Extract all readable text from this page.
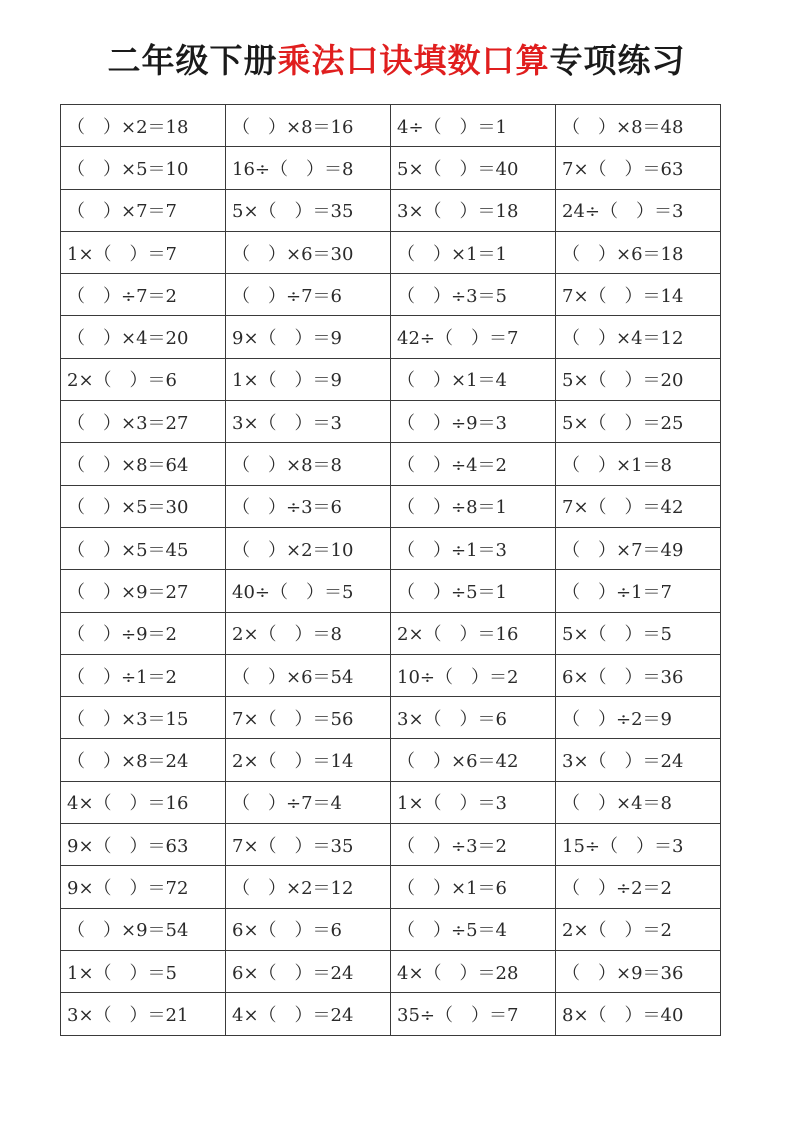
二年级下册乘法口诀填数口算专项练习
（　）×2＝18	（　）×8＝16	4÷（　）＝1	（　）×8＝48
（　）×5＝10	16÷（　）＝8	5×（　）＝40	7×（　）＝63
（　）×7＝7	5×（　）＝35	3×（　）＝18	24÷（　）＝3
1×（　）＝7	（　）×6＝30	（　）×1＝1	（　）×6＝18
（　）÷7＝2	（　）÷7＝6	（　）÷3＝5	7×（　）＝14
（　）×4＝20	9×（　）＝9	42÷（　）＝7	（　）×4＝12
2×（　）＝6	1×（　）＝9	（　）×1＝4	5×（　）＝20
（　）×3＝27	3×（　）＝3	（　）÷9＝3	5×（　）＝25
（　）×8＝64	（　）×8＝8	（　）÷4＝2	（　）×1＝8
（　）×5＝30	（　）÷3＝6	（　）÷8＝1	7×（　）＝42
（　）×5＝45	（　）×2＝10	（　）÷1＝3	（　）×7＝49
（　）×9＝27	40÷（　）＝5	（　）÷5＝1	（　）÷1＝7
（　）÷9＝2	2×（　）＝8	2×（　）＝16	5×（　）＝5
（　）÷1＝2	（　）×6＝54	10÷（　）＝2	6×（　）＝36
（　）×3＝15	7×（　）＝56	3×（　）＝6	（　）÷2＝9
（　）×8＝24	2×（　）＝14	（　）×6＝42	3×（　）＝24
4×（　）＝16	（　）÷7＝4	1×（　）＝3	（　）×4＝8
9×（　）＝63	7×（　）＝35	（　）÷3＝2	15÷（　）＝3
9×（　）＝72	（　）×2＝12	（　）×1＝6	（　）÷2＝2
（　）×9＝54	6×（　）＝6	（　）÷5＝4	2×（　）＝2
1×（　）＝5	6×（　）＝24	4×（　）＝28	（　）×9＝36
3×（　）＝21	4×（　）＝24	35÷（　）＝7	8×（　）＝40
